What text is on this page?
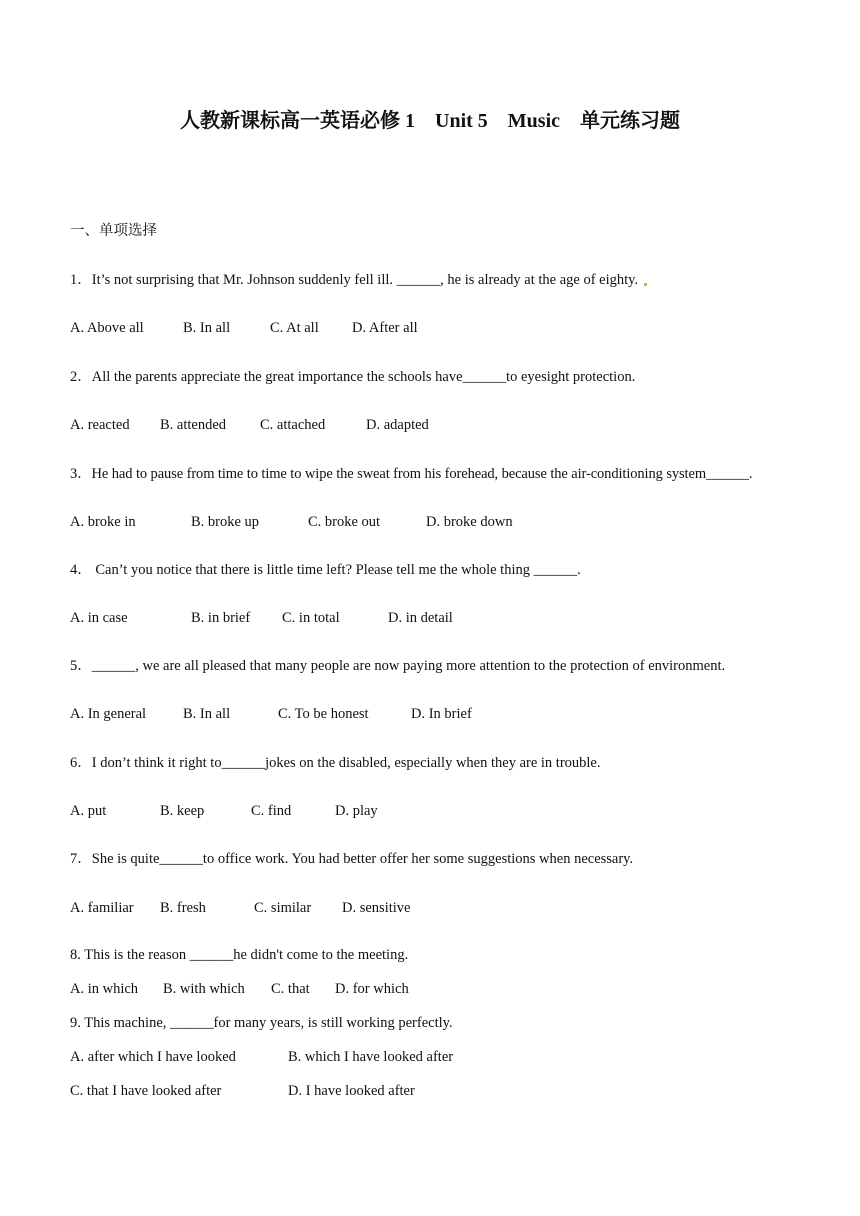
人教新课标高一英语必修 1    Unit 5    Music    单元练习题
一、单项选择
1．It’s not surprising that Mr. Johnson suddenly fell ill. ______, he is already at the age of eighty.
A. Above all	B. In all	C. At all D. After all
2．All the parents appreciate the great importance the schools have______to eyesight protection.
A. reacted B. attended C. attached	D. adapted
3．He had to pause from time to time to wipe the sweat from his forehead, because the air-conditioning system______.
A. broke in	B. broke up	C. broke out	D. broke down
4． Can’t you notice that there is little time left? Please tell me the whole thing ______.
A. in case	B. in brief C. in total	D. in detail
5．______, we are all pleased that many people are now paying more attention to the protection of environment.
A. In general	B. In all	C. To be honest	D. In brief
6．I don’t think it right to______jokes on the disabled, especially when they are in trouble.
A. put	B. keep	C. find	D. play
7．She is quite______to office work. You had better offer her some suggestions when necessary.
A. familiar B. fresh	C. similar D. sensitive
8. This is the reason ______he didn't come to the meeting.
A. in which B. with which C. that D. for which
9. This machine, ______for many years, is still working perfectly.
A. after which I have looked	B. which I have looked after
C. that I have looked after	D. I have looked after
